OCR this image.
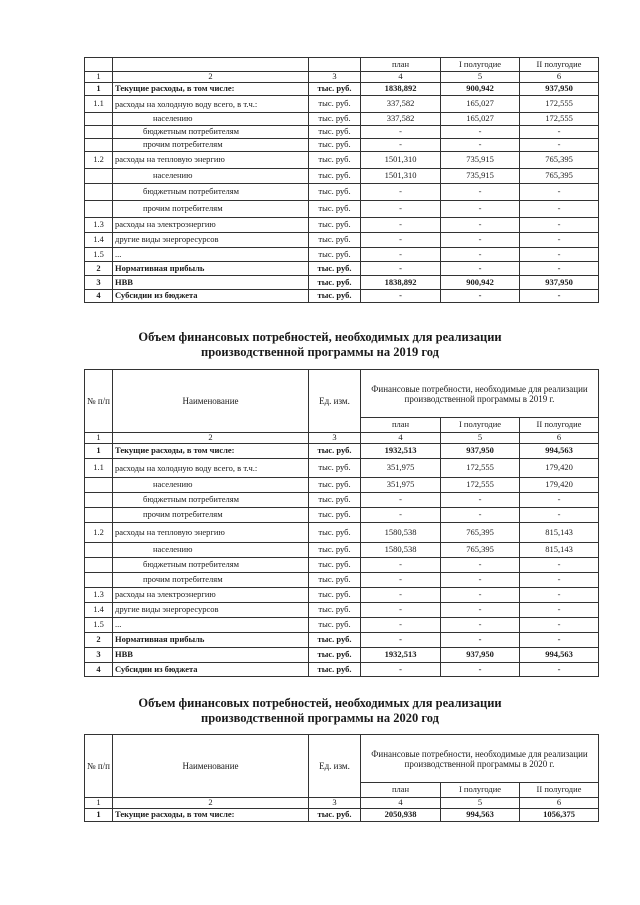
			план	I полугодие	II полугодие
1	2	3	4	5	6
1	Текущие расходы, в том числе:	тыс. руб.	1838,892	900,942	937,950
1.1	расходы на холодную воду всего, в т.ч.:	тыс. руб.	337,582	165,027	172,555
	населению	тыс. руб.	337,582	165,027	172,555
	бюджетным потребителям	тыс. руб.	-	-	-
	прочим потребителям	тыс. руб.	-	-	-
1.2	расходы на тепловую энергию	тыс. руб.	1501,310	735,915	765,395
	населению	тыс. руб.	1501,310	735,915	765,395
	бюджетным потребителям	тыс. руб.	-	-	-
	прочим потребителям	тыс. руб.	-	-	-
1.3	расходы на электроэнергию	тыс. руб.	-	-	-
1.4	другие виды энергоресурсов	тыс. руб.	-	-	-
1.5	...	тыс. руб.	-	-	-
2	Нормативная прибыль	тыс. руб.	-	-	-
3	НВВ	тыс. руб.	1838,892	900,942	937,950
4	Субсидии из бюджета	тыс. руб.	-	-	-
Объем финансовых потребностей, необходимых для реализации
производственной программы на 2019 год
№ п/п	Наименование	Ед. изм.	Финансовые потребности, необходимые для реализации производственной программы в 2019 г.		
			план	I полугодие	II полугодие
1	2	3	4	5	6
1	Текущие расходы, в том числе:	тыс. руб.	1932,513	937,950	994,563
1.1	расходы на холодную воду всего, в т.ч.:	тыс. руб.	351,975	172,555	179,420
	населению	тыс. руб.	351,975	172,555	179,420
	бюджетным потребителям	тыс. руб.	-	-	-
	прочим потребителям	тыс. руб.	-	-	-
1.2	расходы на тепловую энергию	тыс. руб.	1580,538	765,395	815,143
	населению	тыс. руб.	1580,538	765,395	815,143
	бюджетным потребителям	тыс. руб.	-	-	-
	прочим потребителям	тыс. руб.	-	-	-
1.3	расходы на электроэнергию	тыс. руб.	-	-	-
1.4	другие виды энергоресурсов	тыс. руб.	-	-	-
1.5	...	тыс. руб.	-	-	-
2	Нормативная прибыль	тыс. руб.	-	-	-
3	НВВ	тыс. руб.	1932,513	937,950	994,563
4	Субсидии из бюджета	тыс. руб.	-	-	-
Объем финансовых потребностей, необходимых для реализации
производственной программы на 2020 год
№ п/п	Наименование	Ед. изм.	Финансовые потребности, необходимые для реализации производственной программы в 2020 г.		
			план	I полугодие	II полугодие
1	2	3	4	5	6
1	Текущие расходы, в том числе:	тыс. руб.	2050,938	994,563	1056,375
